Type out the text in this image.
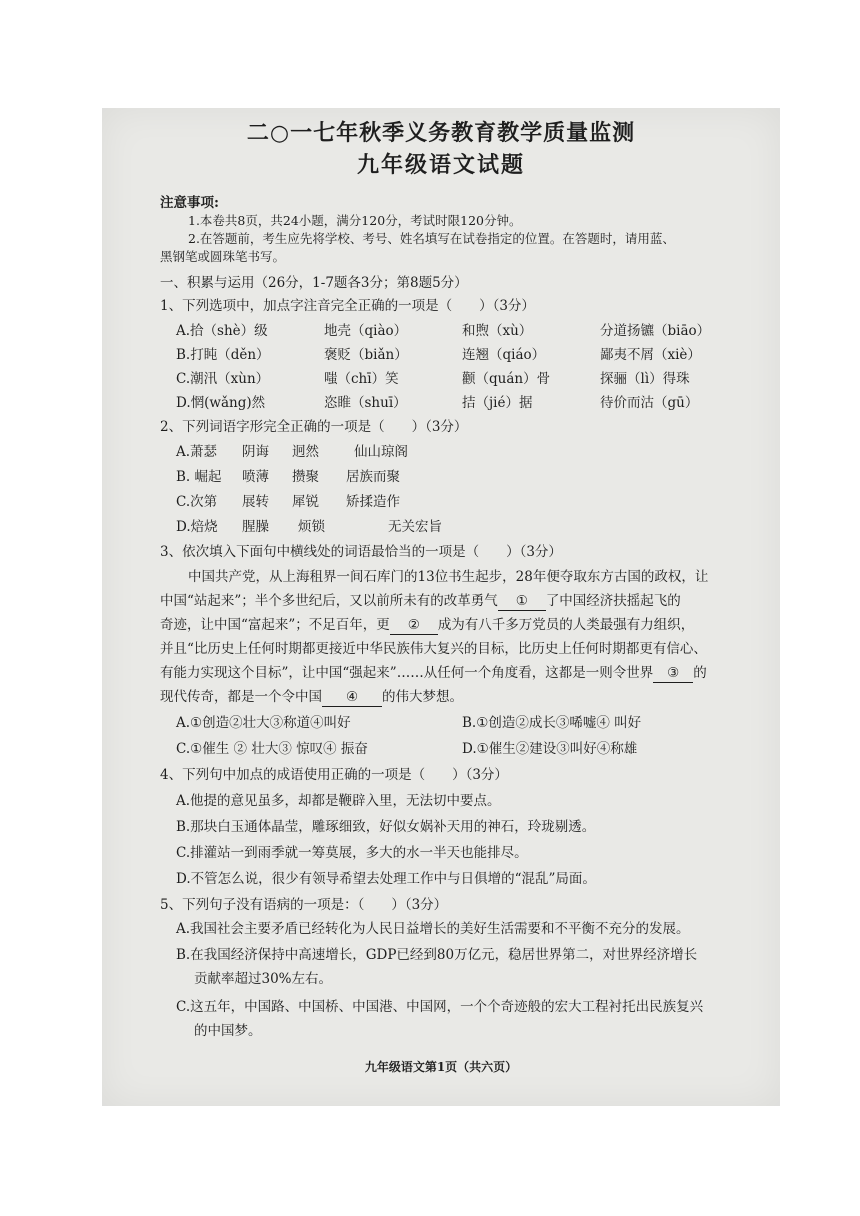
二○一七年秋季义务教育教学质量监测
九年级语文试题
注意事项:
1.本卷共8页，共24小题，满分120分，考试时限120分钟。
2.在答题前，考生应先将学校、考号、姓名填写在试卷指定的位置。在答题时，请用蓝、
黑钢笔或圆珠笔书写。
一、积累与运用（26分，1-7题各3分；第8题5分）
1、下列选项中，加点字注音完全正确的一项是（　　）（3分）
A.拾（shè）级	地壳（qiào）	和煦（xù）	分道扬镳（biāo）
B.打盹（děn）	褒贬（biǎn）	连翘（qiáo）	鄙夷不屑（xiè）
C.潮汛（xùn）	嗤（chī）笑	颧（quán）骨	探骊（lì）得珠
D.惘(wǎng)然	恣睢（shuī）	拮（jié）据	待价而沽（gū）
2、下列词语字形完全正确的一项是（　　）（3分）
A.萧瑟 阴诲 迥然	仙山琼阁
B. 崛起 喷薄 攒聚 居族而聚
C.次第 展转 犀锐 矫揉造作
D.焙烧 腥臊 烦锁	无关宏旨
3、依次填入下面句中横线处的词语最恰当的一项是（　　）（3分）
中国共产党，从上海租界一间石库门的13位书生起步，28年便夺取东方古国的政权，让
中国“站起来”；半个多世纪后，又以前所未有的改革勇气 ① 了中国经济扶摇起飞的
奇迹，让中国“富起来”；不足百年，更 ② 成为有八千多万党员的人类最强有力组织，
并且“比历史上任何时期都更接近中华民族伟大复兴的目标，比历史上任何时期都更有信心、
有能力实现这个目标”，让中国“强起来”……从任何一个角度看，这都是一则令世界 ③ 的
现代传奇，都是一个令中国 ④ 的伟大梦想。
A.①创造②壮大③称道④叫好	B.①创造②成长③唏嘘④ 叫好
C.①催生 ② 壮大③ 惊叹④ 振奋	D.①催生②建设③叫好④称雄
4、下列句中加点的成语使用正确的一项是（　　）（3分）
A.他提的意见虽多，却都是鞭辟入里，无法切中要点。
B.那块白玉通体晶莹，雕琢细致，好似女娲补天用的神石，玲珑剔透。
C.排灌站一到雨季就一筹莫展，多大的水一半天也能排尽。
D.不管怎么说，很少有领导希望去处理工作中与日俱增的“混乱”局面。
5、下列句子没有语病的一项是：（　　）（3分）
A.我国社会主要矛盾已经转化为人民日益增长的美好生活需要和不平衡不充分的发展。
B.在我国经济保持中高速增长，GDP已经到80万亿元，稳居世界第二，对世界经济增长
贡献率超过30%左右。
C.这五年，中国路、中国桥、中国港、中国网，一个个奇迹般的宏大工程衬托出民族复兴
的中国梦。
九年级语文第1页（共六页）
